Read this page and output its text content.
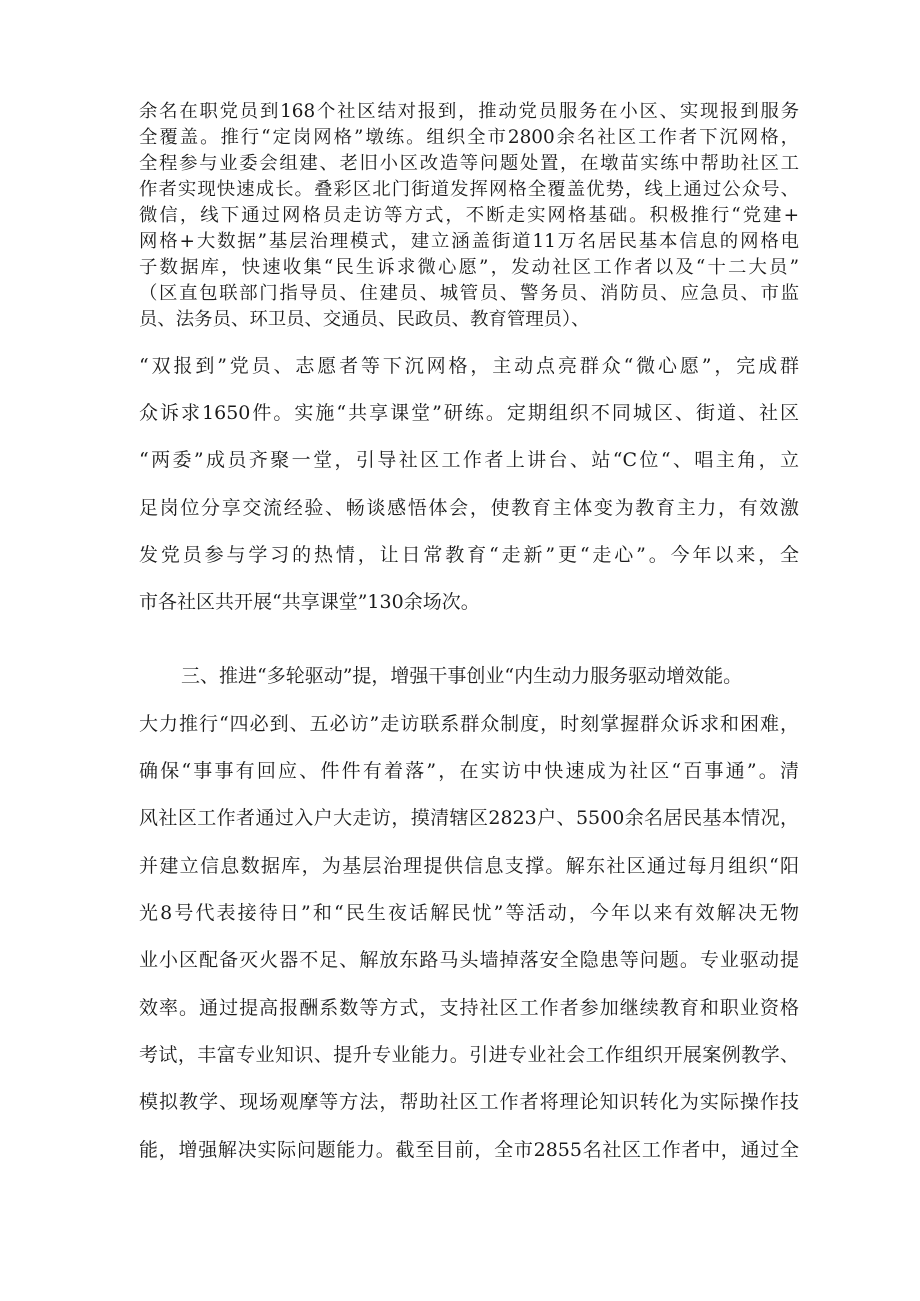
余名在职党员到168个社区结对报到，推动党员服务在小区、实现报到服务
全覆盖。推行“定岗网格”墩练。组织全市2800余名社区工作者下沉网格，
全程参与业委会组建、老旧小区改造等问题处置，在墩苗实练中帮助社区工
作者实现快速成长。叠彩区北门街道发挥网格全覆盖优势，线上通过公众号、
微信，线下通过网格员走访等方式，不断走实网格基础。积极推行“党建+
网格+大数据”基层治理模式，建立涵盖街道11万名居民基本信息的网格电
子数据库，快速收集“民生诉求微心愿”，发动社区工作者以及“十二大员”
（区直包联部门指导员、住建员、城管员、警务员、消防员、应急员、市监
员、法务员、环卫员、交通员、民政员、教育管理员）、
“双报到”党员、志愿者等下沉网格，主动点亮群众“微心愿”，完成群
众诉求1650件。实施“共享课堂”研练。定期组织不同城区、街道、社区
“两委”成员齐聚一堂，引导社区工作者上讲台、站“C位“、唱主角，立
足岗位分享交流经验、畅谈感悟体会，使教育主体变为教育主力，有效激
发党员参与学习的热情，让日常教育“走新”更“走心”。今年以来，全
市各社区共开展“共享课堂”130余场次。
三、推进“多轮驱动”提，增强干事创业“内生动力服务驱动增效能。
大力推行“四必到、五必访”走访联系群众制度，时刻掌握群众诉求和困难，
确保“事事有回应、件件有着落”，在实访中快速成为社区“百事通”。清
风社区工作者通过入户大走访，摸清辖区2823户、5500余名居民基本情况，
并建立信息数据库，为基层治理提供信息支撑。解东社区通过每月组织“阳
光8号代表接待日”和“民生夜话解民忧”等活动，今年以来有效解决无物
业小区配备灭火器不足、解放东路马头墙掉落安全隐患等问题。专业驱动提
效率。通过提高报酬系数等方式，支持社区工作者参加继续教育和职业资格
考试，丰富专业知识、提升专业能力。引进专业社会工作组织开展案例教学、
模拟教学、现场观摩等方法，帮助社区工作者将理论知识转化为实际操作技
能，增强解决实际问题能力。截至目前，全市2855名社区工作者中，通过全
